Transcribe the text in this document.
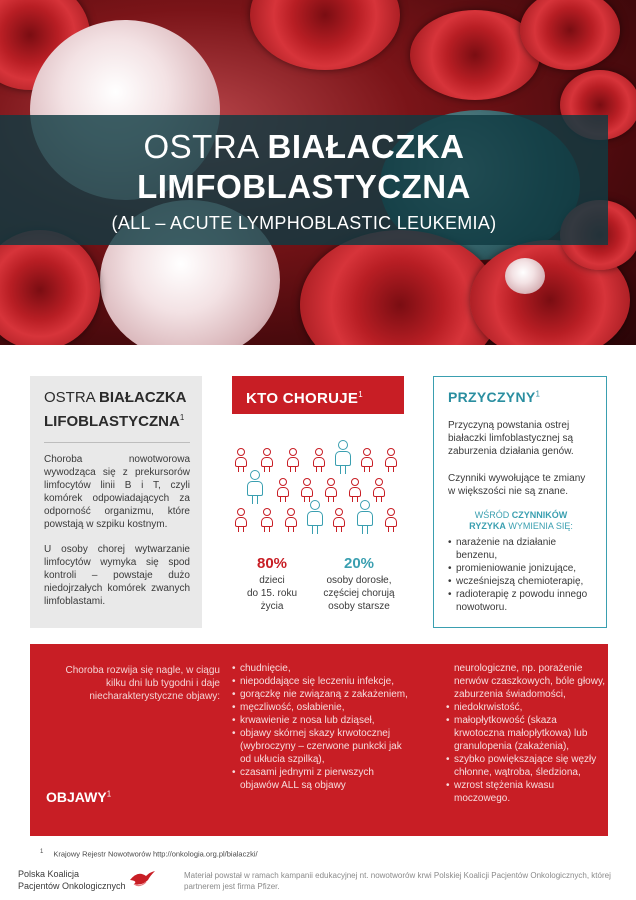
OSTRA BIAŁACZKA
LIMFOBLASTYCZNA
(ALL – ACUTE LYMPHOBLASTIC LEUKEMIA)
OSTRA BIAŁACZKA
LIFOBLASTYCZNA$^1$

Choroba nowotworowa wywodząca się z prekursorów limfocytów linii B i T, czyli komórek odpowiadających za odporność organizmu, które powstają w szpiku kostnym.

U osoby chorej wytwarzanie limfocytów wymyka się spod kontroli – powstaje dużo niedojrzałych komórek zwanych limfoblastami.

KTO CHORUJE$^1$
80%
dzieci
do 15. roku
życia
20%
osoby dorosłe,
częściej chorują
osoby starsze
PRZYCZYNY$^1$

Przyczyną powstania ostrej białaczki limfoblastycznej są zaburzenia działania genów.

Czynniki wywołujące te zmiany w większości nie są znane.

WŚRÓD CZYNNIKÓW
RYZYKA WYMIENIA SIĘ:
• narażenie na działanie benzenu,
• promieniowanie jonizujące,
• wcześniejszą chemioterapię,
• radioterapię z powodu innego nowotworu.
Choroba rozwija się nagle, w ciągu kilku dni lub tygodni i daje niecharakterystyczne objawy:
OBJAWY$^1$
• chudnięcie,
• niepoddające się leczeniu infekcje,
• gorączkę nie związaną z zakażeniem,
• męczliwość, osłabienie,
• krwawienie z nosa lub dziąseł,
• objawy skórnej skazy krwotocznej (wybroczyny – czerwone punkcki jak od ukłucia szpilką),
• czasami jednymi z pierwszych objawów ALL są objawy
neurologiczne, np. porażenie nerwów czaszkowych, bóle głowy, zaburzenia świadomości,
• niedokrwistość,
• małopłytkowość (skaza krwotoczna małopłytkowa) lub granulopenia (zakażenia),
• szybko powiększające się węzły chłonne, wątroba, śledziona,
• wzrost stężenia kwasu moczowego.
$^1$ Krajowy Rejestr Nowotworów http://onkologia.org.pl/bialaczki/
Polska Koalicja
Pacjentów Onkologicznych
Materiał powstał w ramach kampanii edukacyjnej nt. nowotworów krwi Polskiej Koalicji Pacjentów Onkologicznych, której partnerem jest firma Pfizer.
